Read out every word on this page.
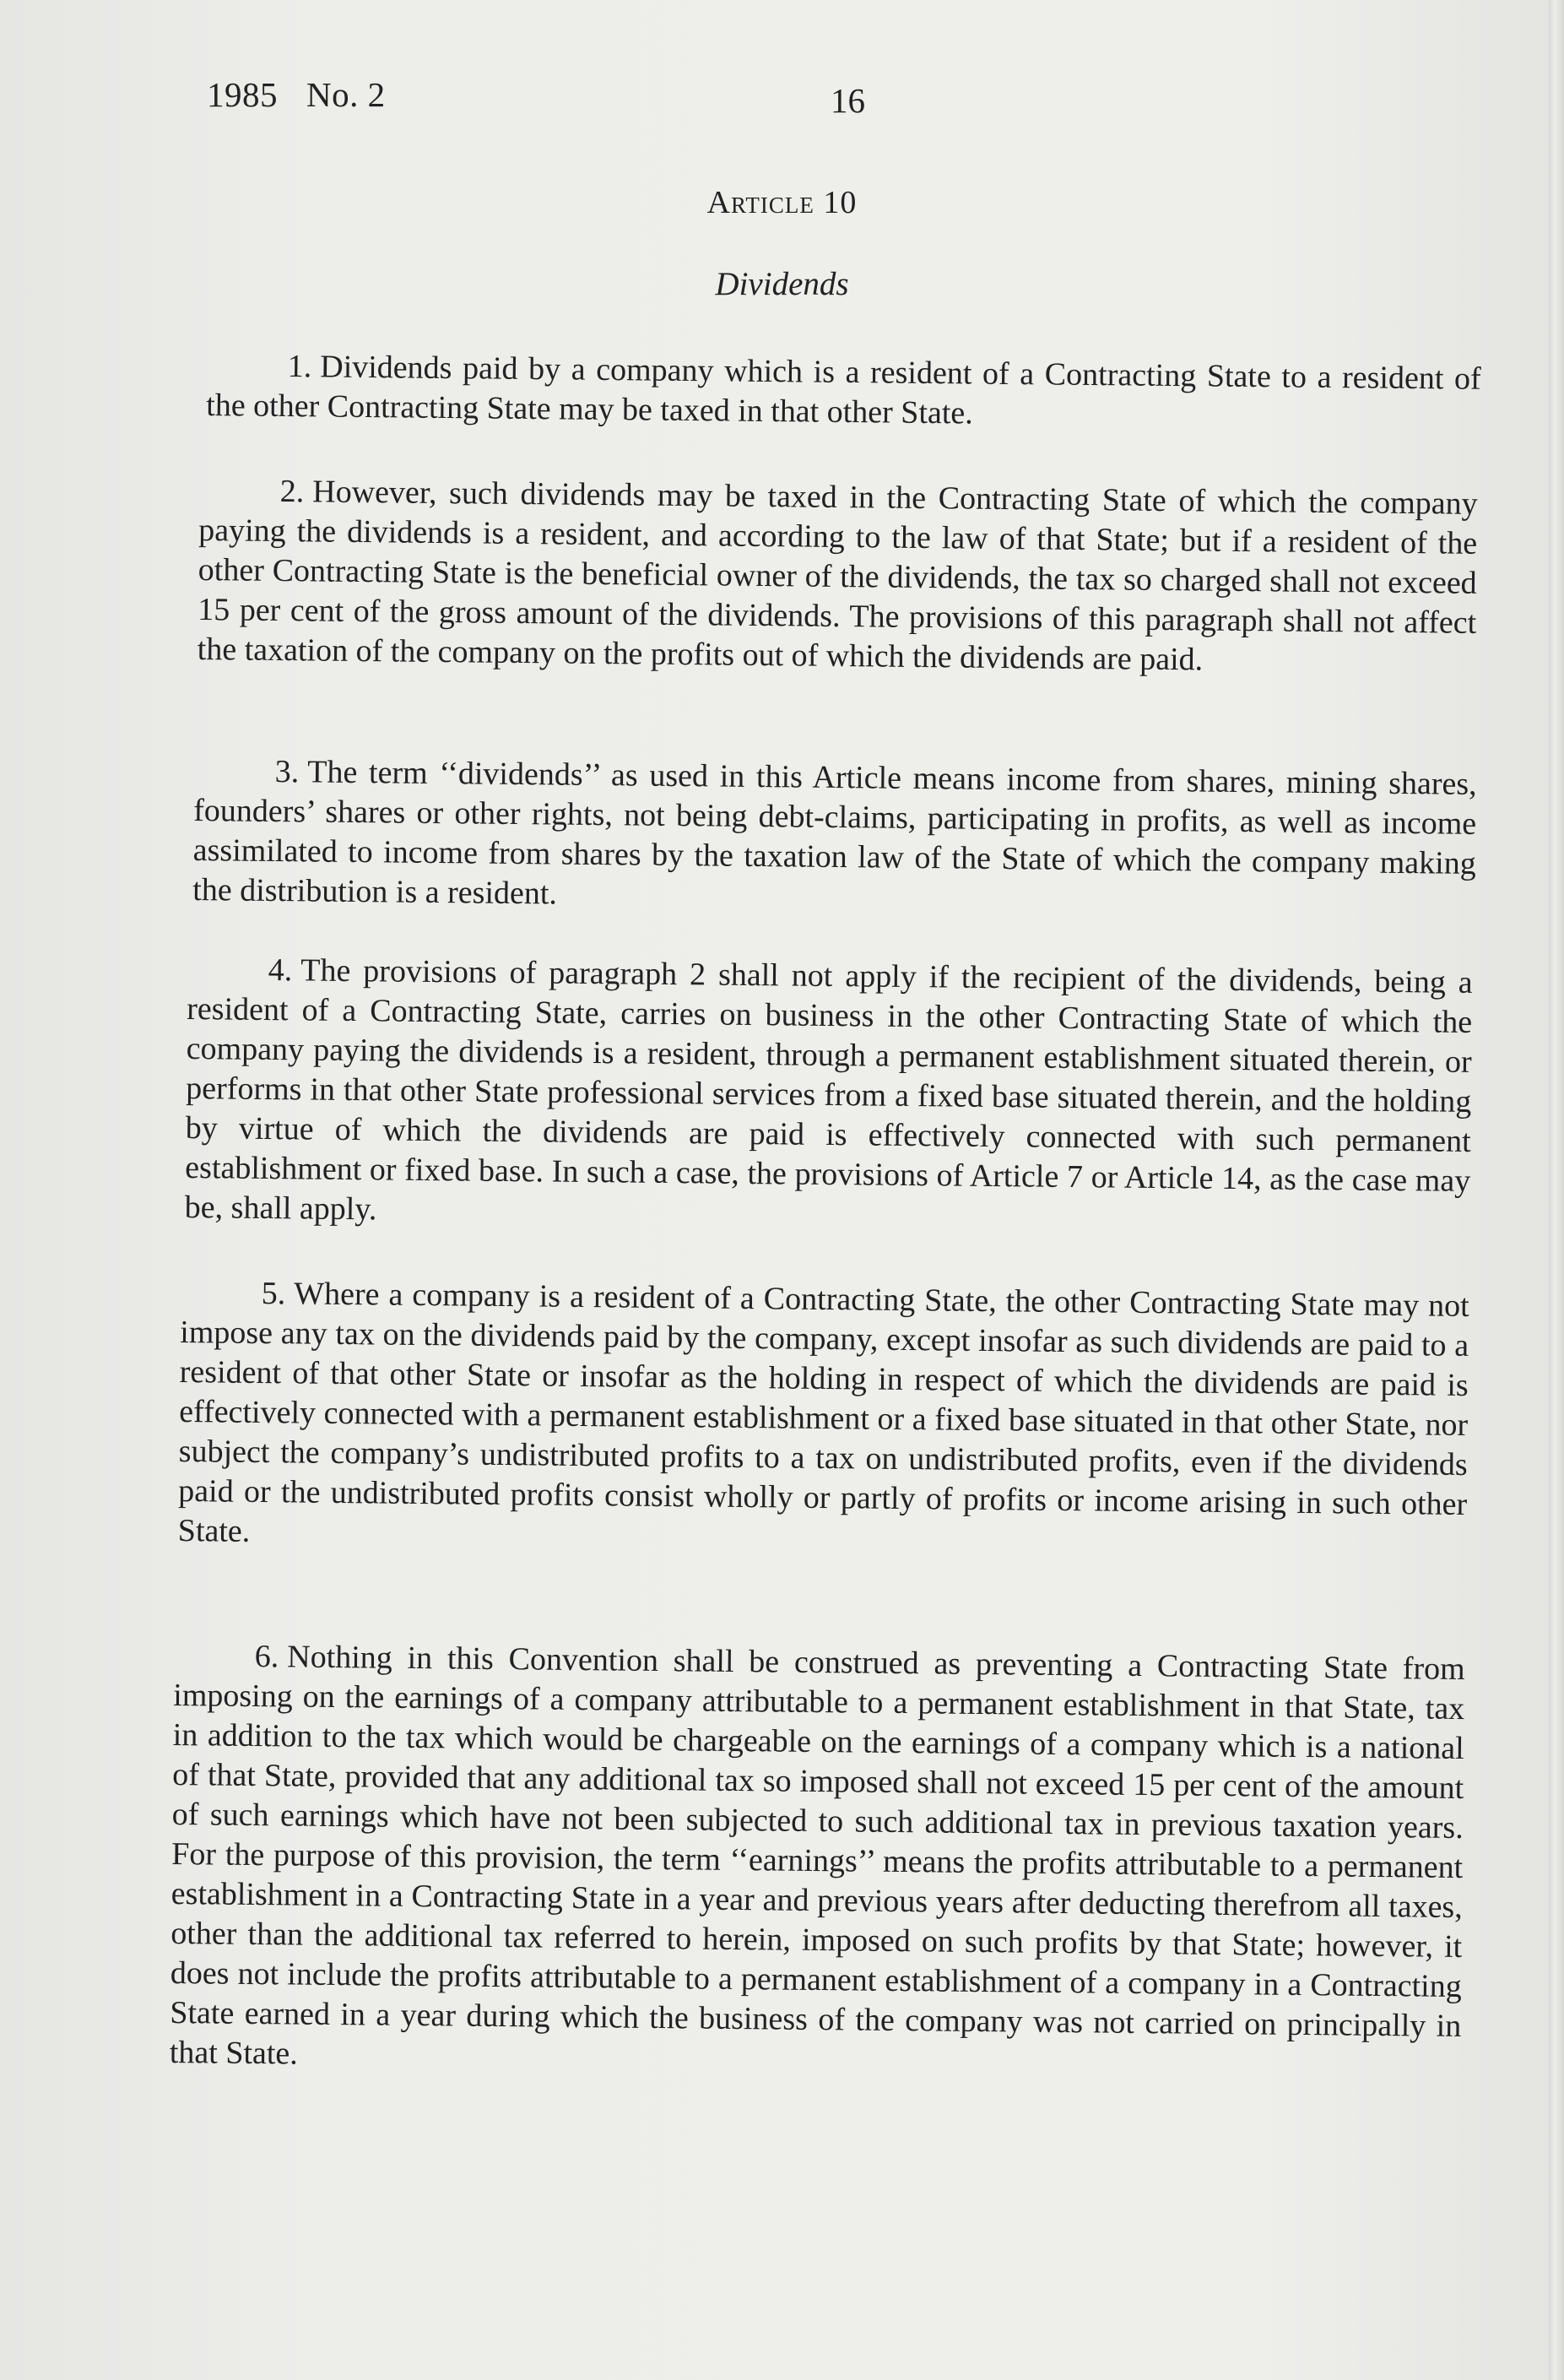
1985 No. 2	16
Article 10
Dividends

1. Dividends paid by a company which is a resident of a Contracting State to a resident of the other Contracting State may be taxed in that other State.

2. However, such dividends may be taxed in the Contracting State of which the company paying the dividends is a resident, and according to the law of that State; but if a resident of the other Contracting State is the beneficial owner of the dividends, the tax so charged shall not exceed 15 per cent of the gross amount of the dividends. The provisions of this paragraph shall not affect the taxation of the company on the profits out of which the dividends are paid.

3. The term ‘‘dividends’’ as used in this Article means income from shares, mining shares, founders’ shares or other rights, not being debt-claims, participating in profits, as well as income assimilated to income from shares by the taxation law of the State of which the company making the distribution is a resident.

4. The provisions of paragraph 2 shall not apply if the recipient of the dividends, being a resident of a Contracting State, carries on business in the other Contracting State of which the company paying the dividends is a resident, through a permanent establishment situated therein, or performs in that other State professional services from a fixed base situated therein, and the holding by virtue of which the dividends are paid is effectively connected with such permanent establishment or fixed base. In such a case, the provisions of Article 7 or Article 14, as the case may be, shall apply.

5. Where a company is a resident of a Contracting State, the other Contracting State may not impose any tax on the dividends paid by the company, except insofar as such dividends are paid to a resident of that other State or insofar as the holding in respect of which the dividends are paid is effectively connected with a permanent establishment or a fixed base situated in that other State, nor subject the company’s undistributed profits to a tax on undistributed profits, even if the dividends paid or the undistributed profits consist wholly or partly of profits or income arising in such other State.

6. Nothing in this Convention shall be construed as preventing a Contracting State from imposing on the earnings of a company attributable to a permanent establishment in that State, tax in addition to the tax which would be chargeable on the earnings of a company which is a national of that State, provided that any additional tax so imposed shall not exceed 15 per cent of the amount of such earnings which have not been subjected to such additional tax in previous taxation years. For the purpose of this provision, the term ‘‘earnings’’ means the profits attributable to a permanent establishment in a Contracting State in a year and previous years after deducting therefrom all taxes, other than the additional tax referred to herein, imposed on such profits by that State; however, it does not include the profits attributable to a permanent establishment of a company in a Contracting State earned in a year during which the business of the company was not carried on principally in that State.
